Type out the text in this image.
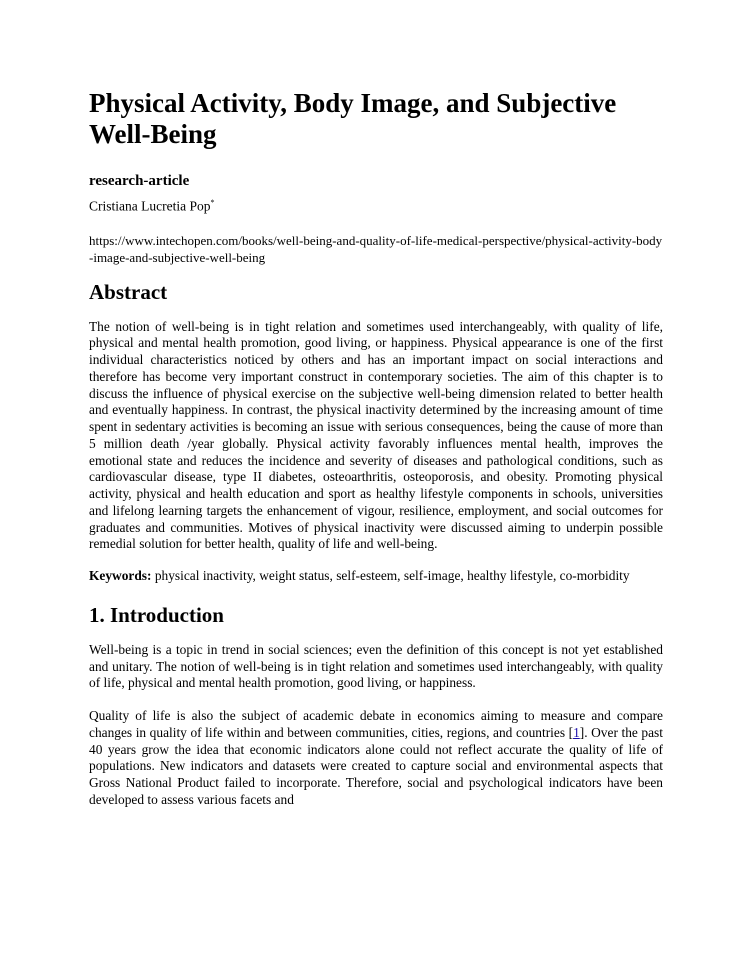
Physical Activity, Body Image, and Subjective Well-Being
research-article
Cristiana Lucretia Pop*
https://www.intechopen.com/books/well-being-and-quality-of-life-medical-perspective/physical-activity-body-image-and-subjective-well-being
Abstract

The notion of well-being is in tight relation and sometimes used interchangeably, with quality of life, physical and mental health promotion, good living, or happiness. Physical appearance is one of the first individual characteristics noticed by others and has an important impact on social interactions and therefore has become very important construct in contemporary societies. The aim of this chapter is to discuss the influence of physical exercise on the subjective well-being dimension related to better health and eventually happiness. In contrast, the physical inactivity determined by the increasing amount of time spent in sedentary activities is becoming an issue with serious consequences, being the cause of more than 5 million death /year globally. Physical activity favorably influences mental health, improves the emotional state and reduces the incidence and severity of diseases and pathological conditions, such as cardiovascular disease, type II diabetes, osteoarthritis, osteoporosis, and obesity. Promoting physical activity, physical and health education and sport as healthy lifestyle components in schools, universities and lifelong learning targets the enhancement of vigour, resilience, employment, and social outcomes for graduates and communities. Motives of physical inactivity were discussed aiming to underpin possible remedial solution for better health, quality of life and well-being.

Keywords: physical inactivity, weight status, self-esteem, self-image, healthy lifestyle, co-morbidity
1. Introduction

Well-being is a topic in trend in social sciences; even the definition of this concept is not yet established and unitary. The notion of well-being is in tight relation and sometimes used interchangeably, with quality of life, physical and mental health promotion, good living, or happiness.

Quality of life is also the subject of academic debate in economics aiming to measure and compare changes in quality of life within and between communities, cities, regions, and countries [1]. Over the past 40 years grow the idea that economic indicators alone could not reflect accurate the quality of life of populations. New indicators and datasets were created to capture social and environmental aspects that Gross National Product failed to incorporate. Therefore, social and psychological indicators have been developed to assess various facets and
